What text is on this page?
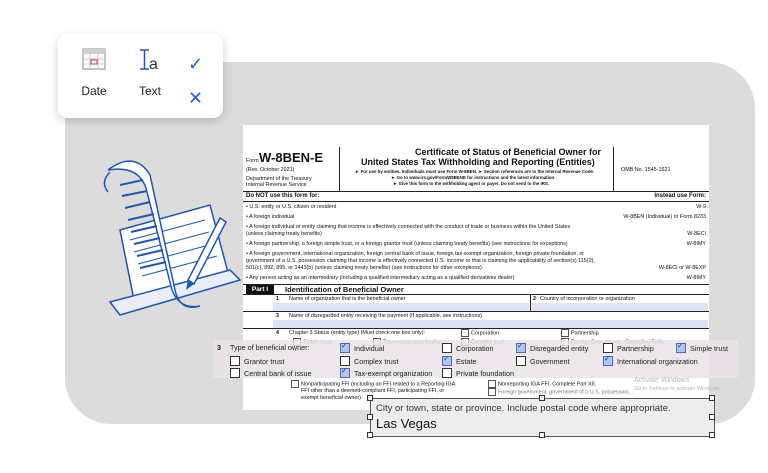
Date
a
Text
✓
✕
Form W-8BEN-E
(Rev. October 2021)
Department of the Treasury
Internal Revenue Service
Certificate of Status of Beneficial Owner for
United States Tax Withholding and Reporting (Entities)
► For use by entities. Individuals must use Form W-8BEN. ► Section references are to the Internal Revenue Code.
► Go to www.irs.gov/FormW8BENE for instructions and the latest information.
► Give this form to the withholding agent or payer. Do not send to the IRS.
OMB No. 1545-1621
Do NOT use this form for:	Instead use Form:
• U.S. entity or U.S. citizen or resident	W-9
• A foreign individual	W-8BEN (Individual) or Form 8233
• A foreign individual or entity claiming that income is effectively connected with the conduct of trade or business within the United States
(unless claiming treaty benefits)	W-8ECI
• A foreign partnership, a foreign simple trust, or a foreign grantor trust (unless claiming treaty benefits) (see instructions for exceptions)	W-8IMY
• A foreign government, international organization, foreign central bank of issue, foreign tax-exempt organization, foreign private foundation, or
government of a U.S. possession claiming that income is effectively connected U.S. income or that is claiming the applicability of section(s) 115(2),
501(c), 892, 895, or 1443(b) (unless claiming treaty benefits) (see instructions for other exceptions)	W-8ECI or W-8EXP
• Any person acting as an intermediary (including a qualified intermediary acting as a qualified derivatives dealer)	W-8IMY
Part I	Identification of Beneficial Owner
1 Name of organization that is the beneficial owner	2 Country of incorporation or organization
3 Name of disregarded entity receiving the payment (if applicable, see instructions)
4 Chapter 3 Status (entity type) (Must check one box only):	Corporation	Partnership
Nonparticipating FFI (including an FFI related to a Reporting IGA
FFI other than a deemed-compliant FFI, participating FFI, or
exempt beneficial owner).
Nonreporting IGA FFI. Complete Part XII.
Foreign government, government of a U.S. possession...
3 Type of beneficial owner: ✓	Individual	Corporation ✓	Disregarded entity	Partnership ✓	Simple trust
Grantor trust	Complex trust ✓	Estate	Government ✓	International organization
Central bank of issue ✓	Tax-exempt organization	Private foundation
Activate Windows
Go to Settings to activate Windows.
City or town, state or province. Include postal code where appropriate.
Las Vegas
